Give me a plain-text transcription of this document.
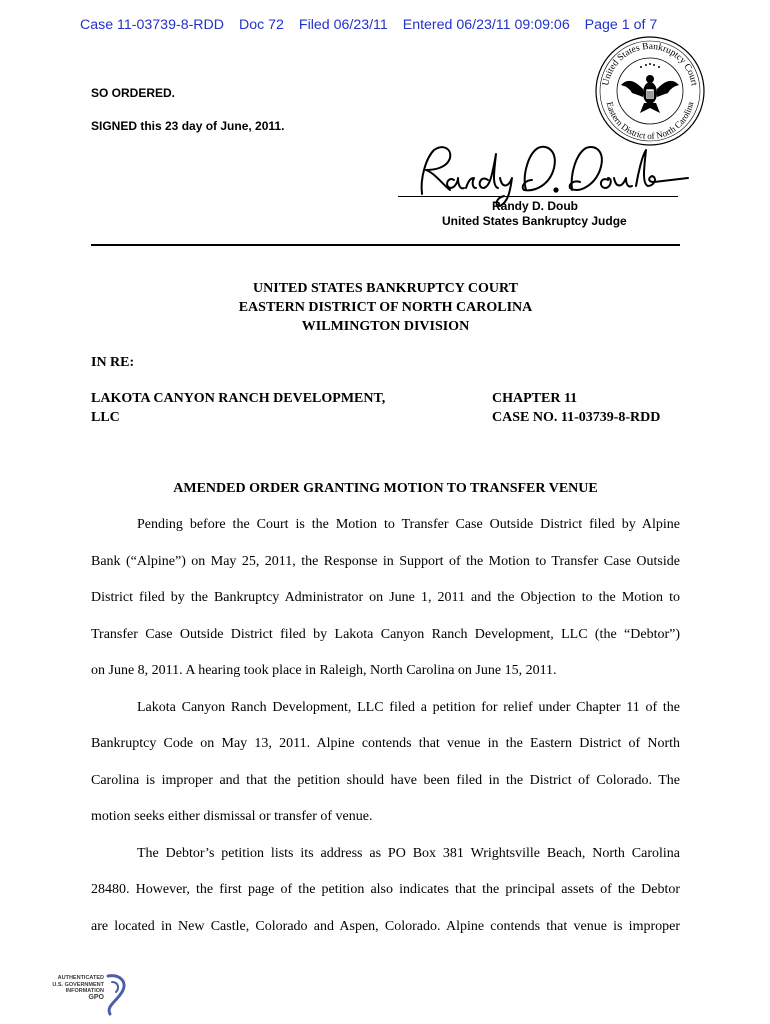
Case 11-03739-8-RDD Doc 72 Filed 06/23/11 Entered 06/23/11 09:09:06 Page 1 of 7
United States Bankruptcy Court
Eastern District of North Carolina
SO ORDERED.
SIGNED this 23 day of June, 2011.
Randy D. Doub
United States Bankruptcy Judge
UNITED STATES BANKRUPTCY COURT
EASTERN DISTRICT OF NORTH CAROLINA
WILMINGTON DIVISION
IN RE:
LAKOTA CANYON RANCH DEVELOPMENT,
LLC
CHAPTER 11
CASE NO. 11-03739-8-RDD
AMENDED ORDER GRANTING MOTION TO TRANSFER VENUE
Pending before the Court is the Motion to Transfer Case Outside District filed by Alpine
Bank (“Alpine”) on May 25, 2011, the Response in Support of the Motion to Transfer Case Outside
District filed by the Bankruptcy Administrator on June 1, 2011 and the Objection to the Motion to
Transfer Case Outside District filed by Lakota Canyon Ranch Development, LLC (the “Debtor”)
on June 8, 2011. A hearing took place in Raleigh, North Carolina on June 15, 2011.
Lakota Canyon Ranch Development, LLC filed a petition for relief under Chapter 11 of the
Bankruptcy Code on May 13, 2011. Alpine contends that venue in the Eastern District of North
Carolina is improper and that the petition should have been filed in the District of Colorado. The
motion seeks either dismissal or transfer of venue.
The Debtor’s petition lists its address as PO Box 381 Wrightsville Beach, North Carolina
28480. However, the first page of the petition also indicates that the principal assets of the Debtor
are located in New Castle, Colorado and Aspen, Colorado. Alpine contends that venue is improper
AUTHENTICATED
U.S. GOVERNMENT
INFORMATION
GPO
